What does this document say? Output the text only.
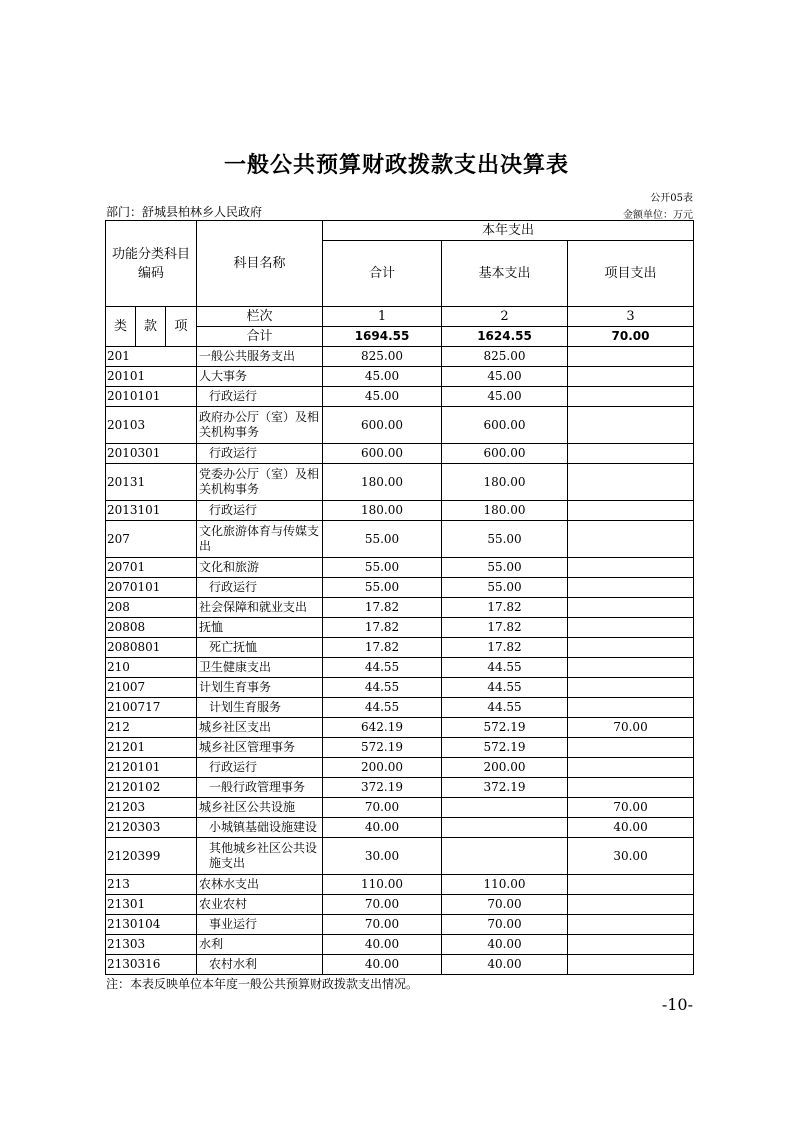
一般公共预算财政拨款支出决算表
公开05表
部门：舒城县柏林乡人民政府	金额单位：万元
功能分类科目编码			科目名称	本年支出		
				合计	基本支出	项目支出

类	款	项	栏次	1	2	3
			合计	1694.55	1624.55	70.00
201			一般公共服务支出	825.00	825.00	
20101			人大事务	45.00	45.00	
2010101			行政运行	45.00	45.00	
20103			政府办公厅（室）及相关机构事务	600.00	600.00	
2010301			行政运行	600.00	600.00	
20131			党委办公厅（室）及相关机构事务	180.00	180.00	
2013101			行政运行	180.00	180.00	
207			文化旅游体育与传媒支出	55.00	55.00	
20701			文化和旅游	55.00	55.00	
2070101			行政运行	55.00	55.00	
208			社会保障和就业支出	17.82	17.82	
20808			抚恤	17.82	17.82	
2080801			死亡抚恤	17.82	17.82	
210			卫生健康支出	44.55	44.55	
21007			计划生育事务	44.55	44.55	
2100717			计划生育服务	44.55	44.55	
212			城乡社区支出	642.19	572.19	70.00
21201			城乡社区管理事务	572.19	572.19	
2120101			行政运行	200.00	200.00	
2120102			一般行政管理事务	372.19	372.19	
21203			城乡社区公共设施	70.00		70.00
2120303			小城镇基础设施建设	40.00		40.00
2120399			其他城乡社区公共设施支出	30.00		30.00
213			农林水支出	110.00	110.00	
21301			农业农村	70.00	70.00	
2130104			事业运行	70.00	70.00	
21303			水利	40.00	40.00	
2130316			农村水利	40.00	40.00	
注：本表反映单位本年度一般公共预算财政拨款支出情况。
-10-
